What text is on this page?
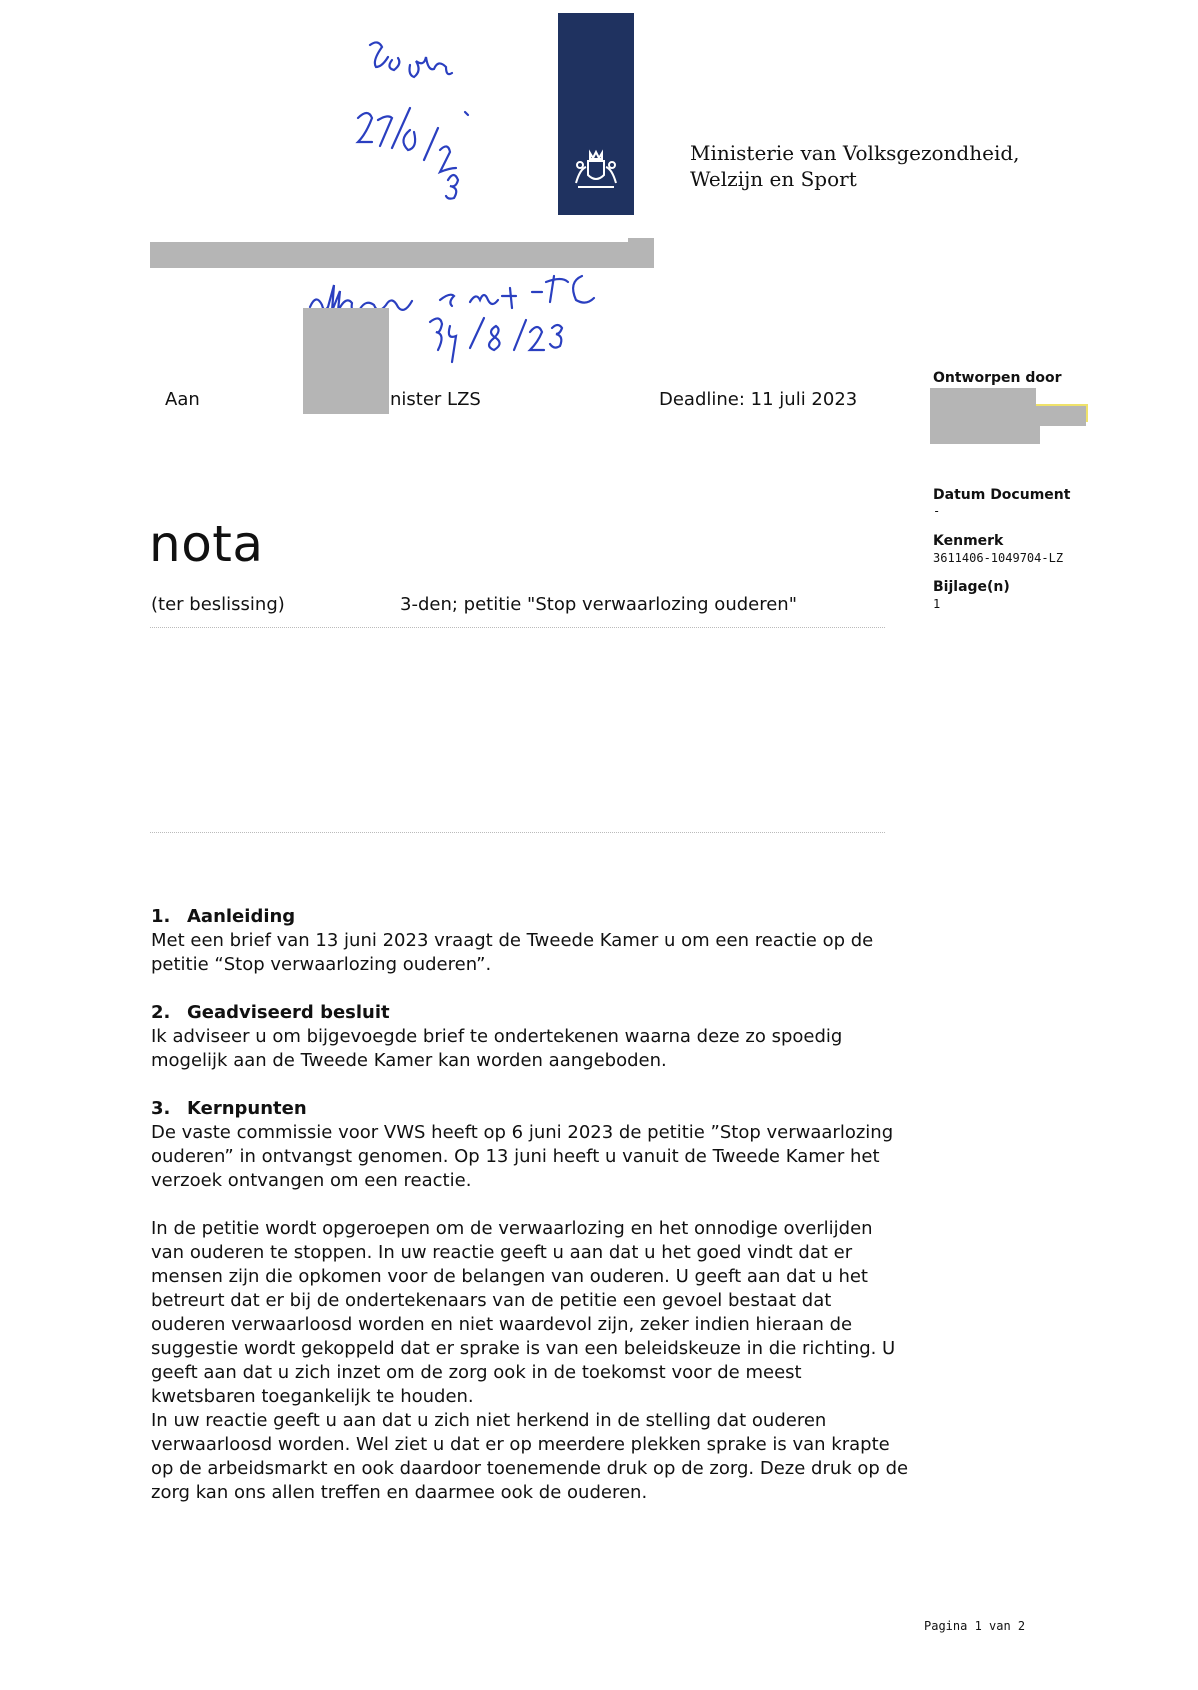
Ministerie van Volksgezondheid,
Welzijn en Sport
Aan	nister LZS	Deadline: 11 juli 2023
Ontworpen door
Datum Document
-
Kenmerk
3611406-1049704-LZ
Bijlage(n)
1
nota
(ter beslissing)	3-den; petitie "Stop verwaarlozing ouderen"

1. Aanleiding

Met een brief van 13 juni 2023 vraagt de Tweede Kamer u om een reactie op de petitie “Stop verwaarlozing ouderen”.

2. Geadviseerd besluit

Ik adviseer u om bijgevoegde brief te ondertekenen waarna deze zo spoedig mogelijk aan de Tweede Kamer kan worden aangeboden.

3. Kernpunten

De vaste commissie voor VWS heeft op 6 juni 2023 de petitie ”Stop verwaarlozing ouderen” in ontvangst genomen. Op 13 juni heeft u vanuit de Tweede Kamer het verzoek ontvangen om een reactie.

In de petitie wordt opgeroepen om de verwaarlozing en het onnodige overlijden van ouderen te stoppen. In uw reactie geeft u aan dat u het goed vindt dat er mensen zijn die opkomen voor de belangen van ouderen. U geeft aan dat u het betreurt dat er bij de ondertekenaars van de petitie een gevoel bestaat dat ouderen verwaarloosd worden en niet waardevol zijn, zeker indien hieraan de suggestie wordt gekoppeld dat er sprake is van een beleidskeuze in die richting. U geeft aan dat u zich inzet om de zorg ook in de toekomst voor de meest kwetsbaren toegankelijk te houden.

In uw reactie geeft u aan dat u zich niet herkend in de stelling dat ouderen verwaarloosd worden. Wel ziet u dat er op meerdere plekken sprake is van krapte op de arbeidsmarkt en ook daardoor toenemende druk op de zorg. Deze druk op de zorg kan ons allen treffen en daarmee ook de ouderen.

Pagina 1 van 2
